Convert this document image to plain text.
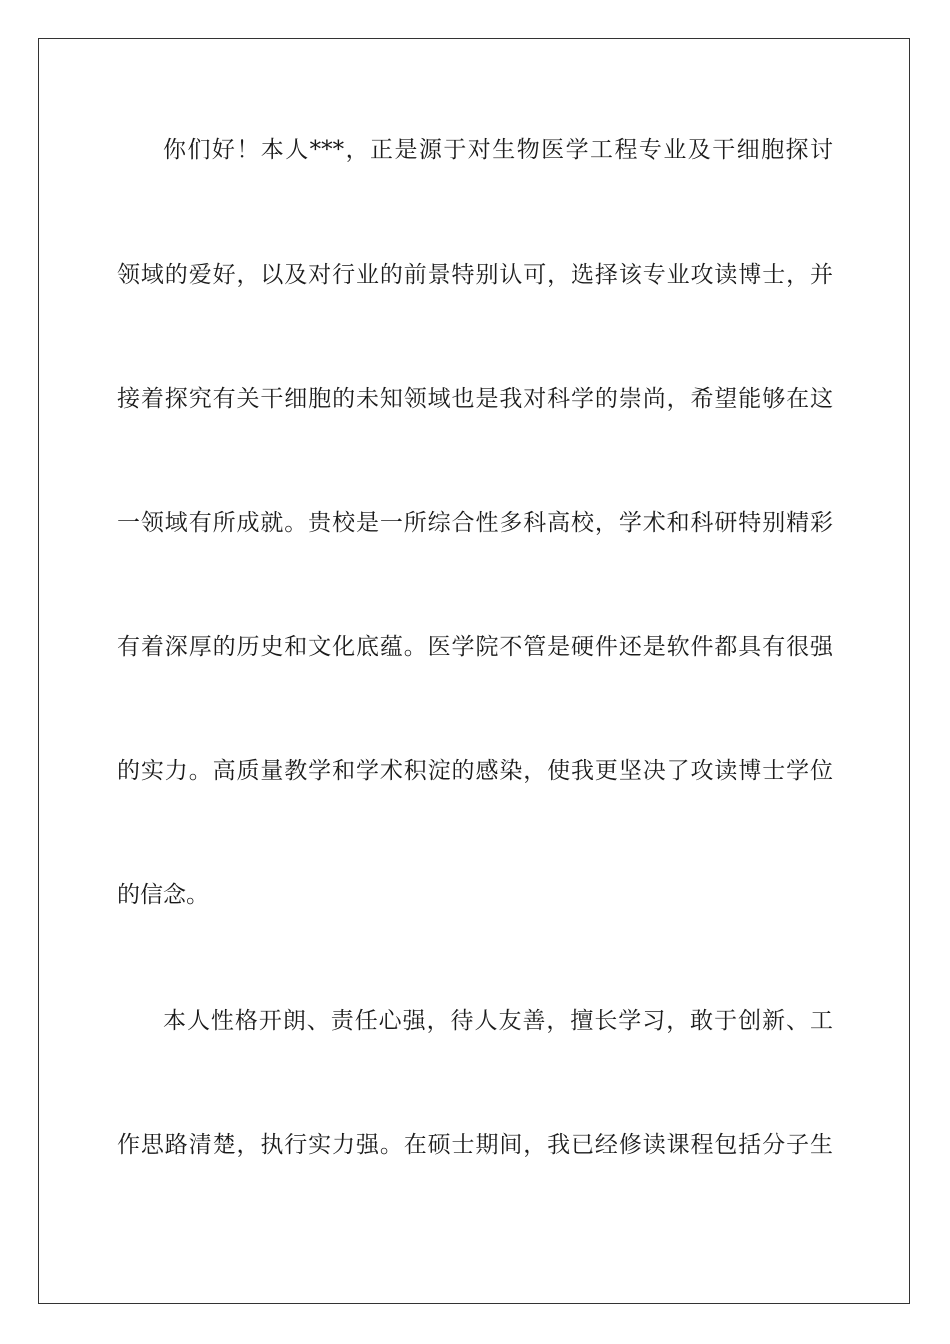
你们好！本人***，正是源于对生物医学工程专业及干细胞探讨
领域的爱好，以及对行业的前景特别认可，选择该专业攻读博士，并
接着探究有关干细胞的未知领域也是我对科学的崇尚，希望能够在这
一领域有所成就。贵校是一所综合性多科高校，学术和科研特别精彩
有着深厚的历史和文化底蕴。医学院不管是硬件还是软件都具有很强
的实力。高质量教学和学术积淀的感染，使我更坚决了攻读博士学位
的信念。
本人性格开朗、责任心强，待人友善，擅长学习，敢于创新、工
作思路清楚，执行实力强。在硕士期间，我已经修读课程包括分子生
